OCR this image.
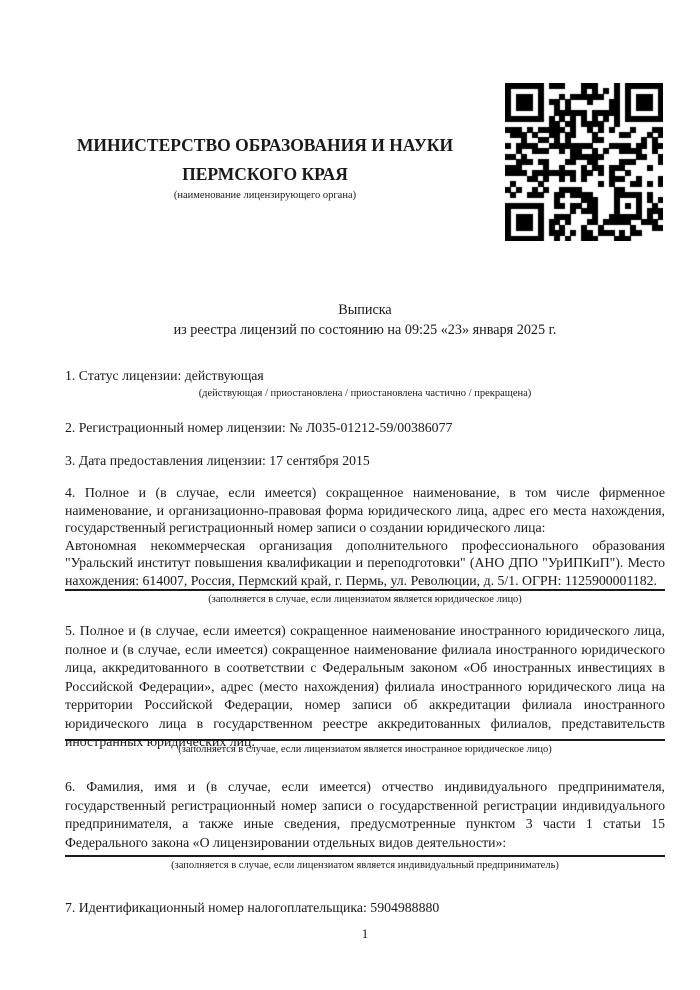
МИНИСТЕРСТВО ОБРАЗОВАНИЯ И НАУКИ
ПЕРМСКОГО КРАЯ
(наименование лицензирующего органа)
Выписка
из реестра лицензий по состоянию на 09:25 «23» января 2025 г.
1. Статус лицензии: действующая
(действующая / приостановлена / приостановлена частично / прекращена)
2. Регистрационный номер лицензии: № Л035-01212-59/00386077
3. Дата предоставления лицензии: 17 сентября 2015

4. Полное и (в случае, если имеется) сокращенное наименование, в том числе фирменное наименование, и организационно-правовая форма юридического лица, адрес его места нахождения, государственный регистрационный номер записи о создании юридического лица:

Автономная некоммерческая организация дополнительного профессионального образования "Уральский институт повышения квалификации и переподготовки" (АНО ДПО "УрИПКиП"). Место нахождения: 614007, Россия, Пермский край, г. Пермь, ул. Революции, д. 5/1. ОГРН: 1125900001182.

(заполняется в случае, если лицензиатом является юридическое лицо)
5. Полное и (в случае, если имеется) сокращенное наименование иностранного юридического лица, полное и (в случае, если имеется) сокращенное наименование филиала иностранного юридического лица, аккредитованного в соответствии с Федеральным законом «Об иностранных инвестициях в Российской Федерации», адрес (место нахождения) филиала иностранного юридического лица на территории Российской Федерации, номер записи об аккредитации филиала иностранного юридического лица в государственном реестре аккредитованных филиалов, представительств иностранных юридических лиц:
(заполняется в случае, если лицензиатом является иностранное юридическое лицо)
6. Фамилия, имя и (в случае, если имеется) отчество индивидуального предпринимателя, государственный регистрационный номер записи о государственной регистрации индивидуального предпринимателя, а также иные сведения, предусмотренные пунктом 3 части 1 статьи 15 Федерального закона «О лицензировании отдельных видов деятельности»:
(заполняется в случае, если лицензиатом является индивидуальный предприниматель)
7. Идентификационный номер налогоплательщика: 5904988880
1
